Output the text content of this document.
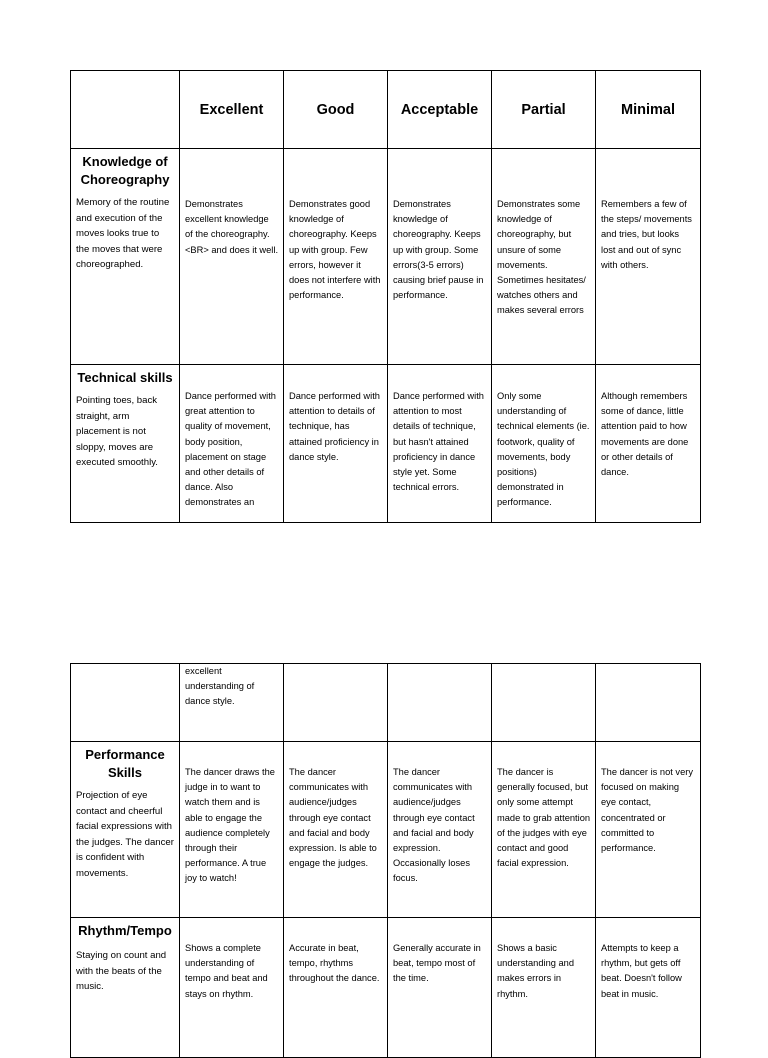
	Excellent	Good	Acceptable	Partial	Minimal

Knowledge of Choreography
Memory of the routine and execution of the moves looks true to the moves that were choreographed.	Demonstrates excellent knowledge of the choreography.<BR> and does it well.	Demonstrates good knowledge of choreography. Keeps up with group. Few errors, however it does not interfere with performance.	Demonstrates knowledge of choreography. Keeps up with group. Some errors(3-5 errors) causing brief pause in performance.	Demonstrates some knowledge of choreography, but unsure of some movements. Sometimes hesitates/ watches others and makes several errors	Remembers a few of the steps/ movements and tries, but looks lost and out of sync with others.

Technical skills
Pointing toes, back straight, arm placement is not sloppy, moves are executed smoothly.	Dance performed with great attention to quality of movement, body position, placement on stage and other details of dance. Also demonstrates an	Dance performed with attention to details of technique, has attained proficiency in dance style.	Dance performed with attention to most details of technique, but hasn't attained proficiency in dance style yet. Some technical errors.	Only some understanding of technical elements (ie. footwork, quality of movements, body positions) demonstrated in performance.	Although remembers some of dance, little attention paid to how movements are done or other details of dance.

	excellent understanding of dance style.				

Performance Skills
Projection of eye contact and cheerful facial expressions with the judges. The dancer is confident with movements.	The dancer draws the judge in to want to watch them and is able to engage the audience completely through their performance. A true joy to watch!	The dancer communicates with audience/judges through eye contact and facial and body expression. Is able to engage the judges.	The dancer communicates with audience/judges through eye contact and facial and body expression. Occasionally loses focus.	The dancer is generally focused, but only some attempt made to grab attention of the judges with eye contact and good facial expression.	The dancer is not very focused on making eye contact, concentrated or committed to performance.

Rhythm/Tempo
Staying on count and with the beats of the music.	Shows a complete understanding of tempo and beat and stays on rhythm.	Accurate in beat, tempo, rhythms throughout the dance.	Generally accurate in beat, tempo most of the time.	Shows a basic understanding and makes errors in rhythm.	Attempts to keep a rhythm, but gets off beat. Doesn't follow beat in music.
